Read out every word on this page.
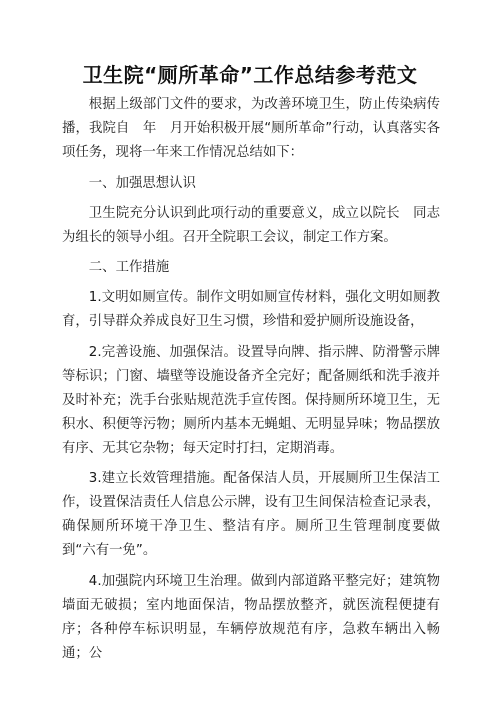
卫生院“厕所革命”工作总结参考范文

根据上级部门文件的要求，为改善环境卫生，防止传染病传播，我院自　年　月开始积极开展“厕所革命”行动，认真落实各项任务，现将一年来工作情况总结如下：

一、加强思想认识

卫生院充分认识到此项行动的重要意义，成立以院长　同志为组长的领导小组。召开全院职工会议，制定工作方案。

二、工作措施

1.文明如厕宣传。制作文明如厕宣传材料，强化文明如厕教育，引导群众养成良好卫生习惯，珍惜和爱护厕所设施设备，

2.完善设施、加强保洁。设置导向牌、指示牌、防滑警示牌等标识；门窗、墙壁等设施设备齐全完好；配备厕纸和洗手液并及时补充；洗手台张贴规范洗手宣传图。保持厕所环境卫生，无积水、积便等污物；厕所内基本无蝇蛆、无明显异味；物品摆放有序、无其它杂物；每天定时打扫，定期消毒。

3.建立长效管理措施。配备保洁人员，开展厕所卫生保洁工作，设置保洁责任人信息公示牌，设有卫生间保洁检查记录表，确保厕所环境干净卫生、整洁有序。厕所卫生管理制度要做到“六有一免”。

4.加强院内环境卫生治理。做到内部道路平整完好；建筑物墙面无破损；室内地面保洁，物品摆放整齐，就医流程便捷有序；各种停车标识明显，车辆停放规范有序，急救车辆出入畅通；公
